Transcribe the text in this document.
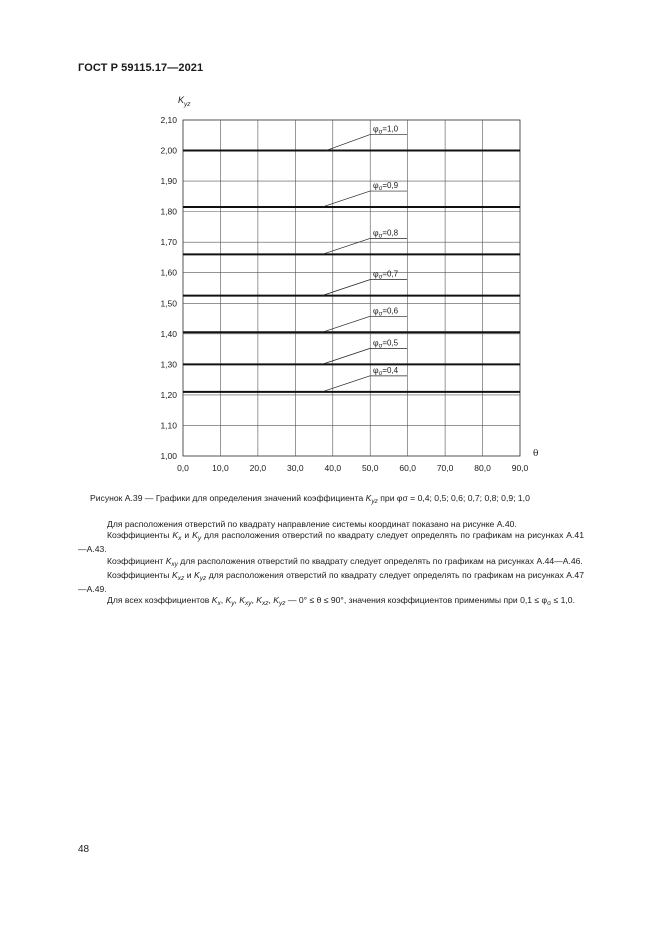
ГОСТ Р 59115.17—2021
0,0	10,0 20,0 30,0 40,0 50,0 60,0 70,0 80,0 90,0
1,00
1,10
1,20
1,30
1,40
1,50
1,60
1,70
1,80
1,90
2,00
2,10
$\varphi_\sigma=1,0$
$\varphi_\sigma=0,9$
$\varphi_\sigma=0,8$
$\varphi_\sigma=0,7$
$\varphi_\sigma=0,6$
$\varphi_\sigma=0,5$
$\varphi_\sigma=0,4$
$K_{yz}$
θ
Рисунок А.39 — Графики для определения значений коэффициента $K_{yz}$ при φσ = 0,4; 0,5; 0,6; 0,7; 0,8; 0,9; 1,0

Для расположения отверстий по квадрату направление системы координат показано на рисунке А.40.

Коэффициенты $K_x$ и $K_y$ для расположения отверстий по квадрату следует определять по графикам на рисунках А.41—А.43.

Коэффициент $K_{xy}$ для расположения отверстий по квадрату следует определять по графикам на рисунках А.44—А.46.

Коэффициенты $K_{xz}$ и $K_{yz}$ для расположения отверстий по квадрату следует определять по графикам на рисунках А.47—А.49.

Для всех коэффициентов $K_x$, $K_y$, $K_{xy}$, $K_{xz}$, $K_{yz}$ — 0° ≤ θ ≤ 90°, значения коэффициентов применимы при $0,1 \le \varphi_\sigma \le 1,0$.

48
